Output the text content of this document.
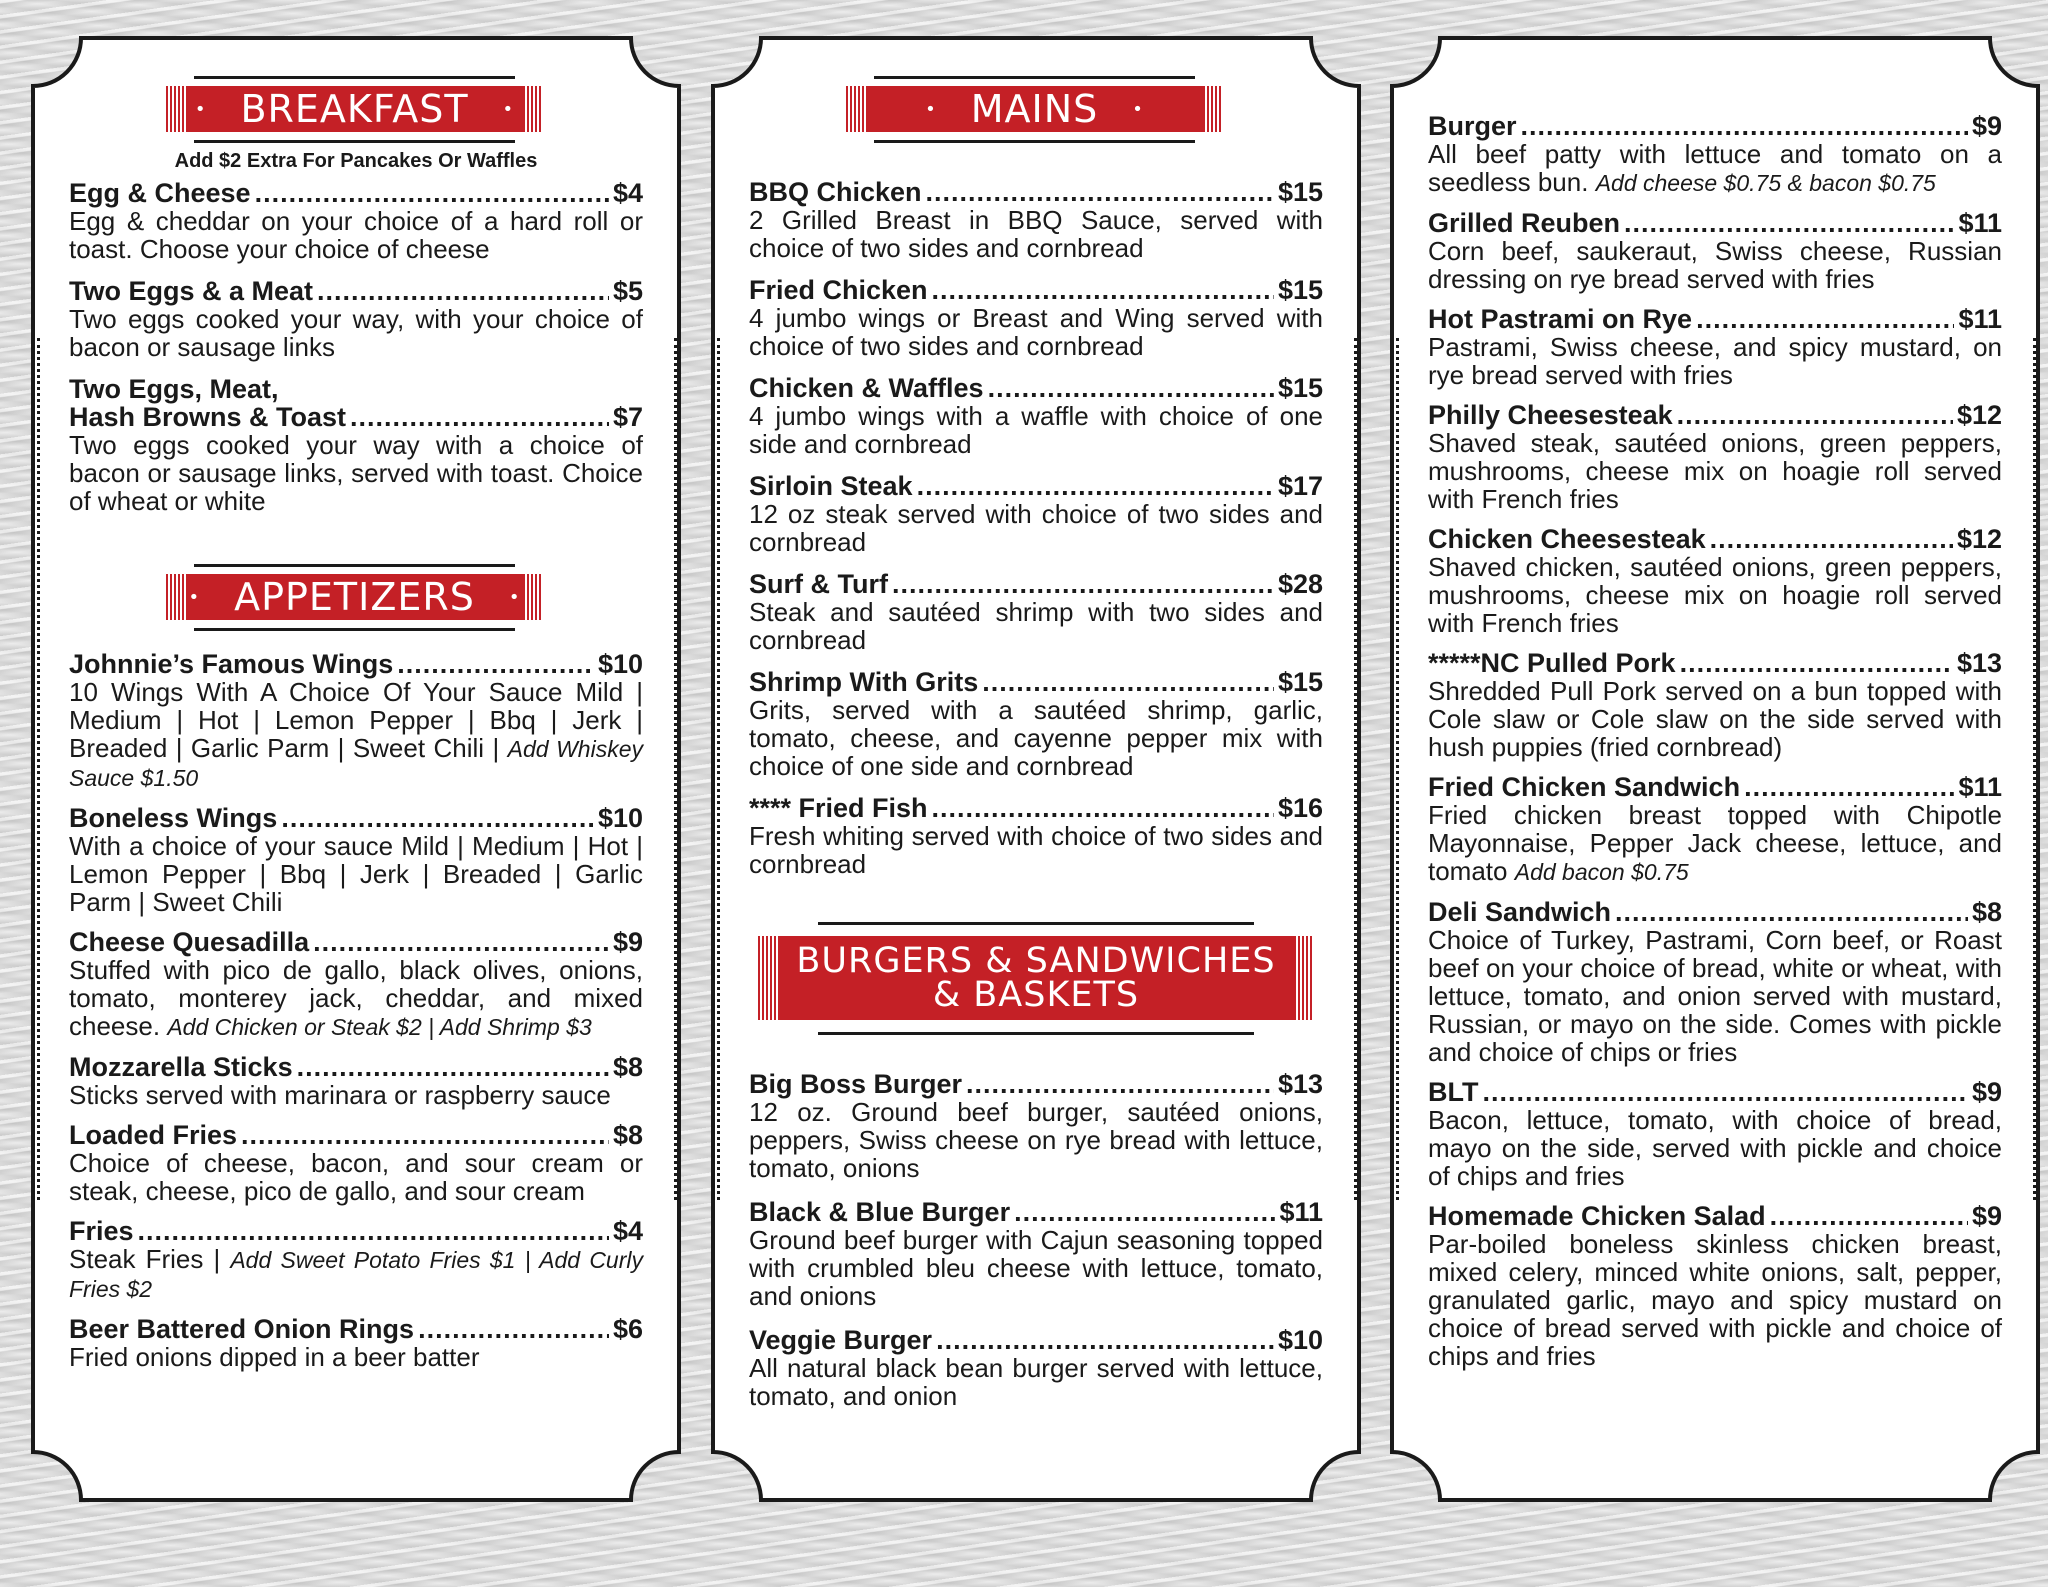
• BREAKFAST •
Add $2 Extra For Pancakes Or Waffles
Egg & Cheese .....	$4
Egg & cheddar on your choice of a hard roll or toast. Choose your choice of cheese
Two Eggs & a Meat .....	$5
Two eggs cooked your way, with your choice of bacon or sausage links
Two Eggs, Meat,
Hash Browns & Toast .....	$7
Two eggs cooked your way with a choice of bacon or sausage links, served with toast. Choice of wheat or white
• APPETIZERS •
Johnnie’s Famous Wings .....	$10
10 Wings With A Choice Of Your Sauce Mild | Medium | Hot | Lemon Pepper | Bbq | Jerk | Breaded | Garlic Parm | Sweet Chili | Add Whiskey Sauce $1.50
Boneless Wings .....	$10
With a choice of your sauce Mild | Medium | Hot | Lemon Pepper | Bbq | Jerk | Breaded | Garlic Parm | Sweet Chili
Cheese Quesadilla .....	$9
Stuffed with pico de gallo, black olives, onions, tomato, monterey jack, cheddar, and mixed cheese. Add Chicken or Steak $2 | Add Shrimp $3
Mozzarella Sticks .....	$8
Sticks served with marinara or raspberry sauce
Loaded Fries .....	$8
Choice of cheese, bacon, and sour cream or steak, cheese, pico de gallo, and sour cream
Fries .....	$4
Steak Fries | Add Sweet Potato Fries $1 | Add Curly Fries $2
Beer Battered Onion Rings .....	$6
Fried onions dipped in a beer batter
• MAINS •
BBQ Chicken .....	$15
2 Grilled Breast in BBQ Sauce, served with choice of two sides and cornbread
Fried Chicken .....	$15
4 jumbo wings or Breast and Wing served with choice of two sides and cornbread
Chicken & Waffles .....	$15
4 jumbo wings with a waffle with choice of one side and cornbread
Sirloin Steak .....	$17
12 oz steak served with choice of two sides and cornbread
Surf & Turf .....	$28
Steak and sautéed shrimp with two sides and cornbread
Shrimp With Grits .....	$15
Grits, served with a sautéed shrimp, garlic, tomato, cheese, and cayenne pepper mix with choice of one side and cornbread
**** Fried Fish .....	$16
Fresh whiting served with choice of two sides and cornbread
BURGERS & SANDWICHES
& BASKETS
Big Boss Burger .....	$13
12 oz. Ground beef burger, sautéed onions, peppers, Swiss cheese on rye bread with lettuce, tomato, onions
Black & Blue Burger .....	$11
Ground beef burger with Cajun seasoning topped with crumbled bleu cheese with lettuce, tomato, and onions
Veggie Burger .....	$10
All natural black bean burger served with lettuce, tomato, and onion
Burger .....	$9
All beef patty with lettuce and tomato on a seedless bun. Add cheese $0.75 & bacon $0.75
Grilled Reuben .....	$11
Corn beef, saukeraut, Swiss cheese, Russian dressing on rye bread served with fries
Hot Pastrami on Rye .....	$11
Pastrami, Swiss cheese, and spicy mustard, on rye bread served with fries
Philly Cheesesteak .....	$12
Shaved steak, sautéed onions, green peppers, mushrooms, cheese mix on hoagie roll served with French fries
Chicken Cheesesteak .....	$12
Shaved chicken, sautéed onions, green peppers, mushrooms, cheese mix on hoagie roll served with French fries
*****NC Pulled Pork .....	$13
Shredded Pull Pork served on a bun topped with Cole slaw or Cole slaw on the side served with hush puppies (fried cornbread)
Fried Chicken Sandwich .....	$11
Fried chicken breast topped with Chipotle Mayonnaise, Pepper Jack cheese, lettuce, and tomato Add bacon $0.75
Deli Sandwich .....	$8
Choice of Turkey, Pastrami, Corn beef, or Roast beef on your choice of bread, white or wheat, with lettuce, tomato, and onion served with mustard, Russian, or mayo on the side. Comes with pickle and choice of chips or fries
BLT .....	$9
Bacon, lettuce, tomato, with choice of bread, mayo on the side, served with pickle and choice of chips and fries
Homemade Chicken Salad .....	$9
Par-boiled boneless skinless chicken breast, mixed celery, minced white onions, salt, pepper, granulated garlic, mayo and spicy mustard on choice of bread served with pickle and choice of chips and fries
